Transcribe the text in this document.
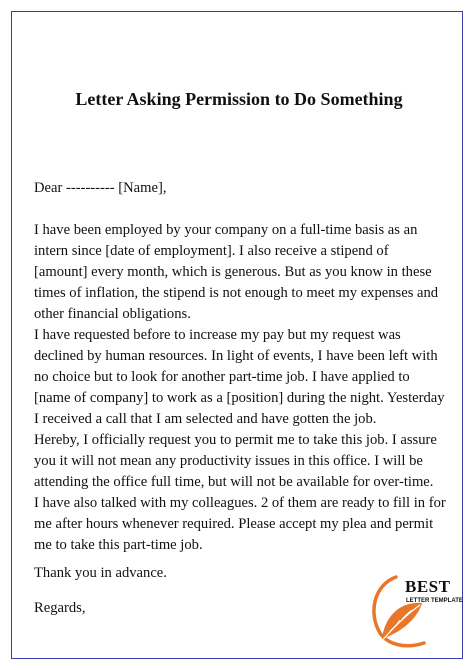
Letter Asking Permission to Do Something

Dear ---------- [Name],

I have been employed by your company on a full-time basis as an
intern since [date of employment]. I also receive a stipend of
[amount] every month, which is generous. But as you know in these
times of inflation, the stipend is not enough to meet my expenses and
other financial obligations.

I have requested before to increase my pay but my request was
declined by human resources. In light of events, I have been left with
no choice but to look for another part-time job. I have applied to
[name of company] to work as a [position] during the night. Yesterday
I received a call that I am selected and have gotten the job.

Hereby, I officially request you to permit me to take this job. I assure
you it will not mean any productivity issues in this office. I will be
attending the office full time, but will not be available for over-time.
I have also talked with my colleagues. 2 of them are ready to fill in for
me after hours whenever required. Please accept my plea and permit
me to take this part-time job.

Thank you in advance.

Regards,

BEST
LETTER TEMPLATE
